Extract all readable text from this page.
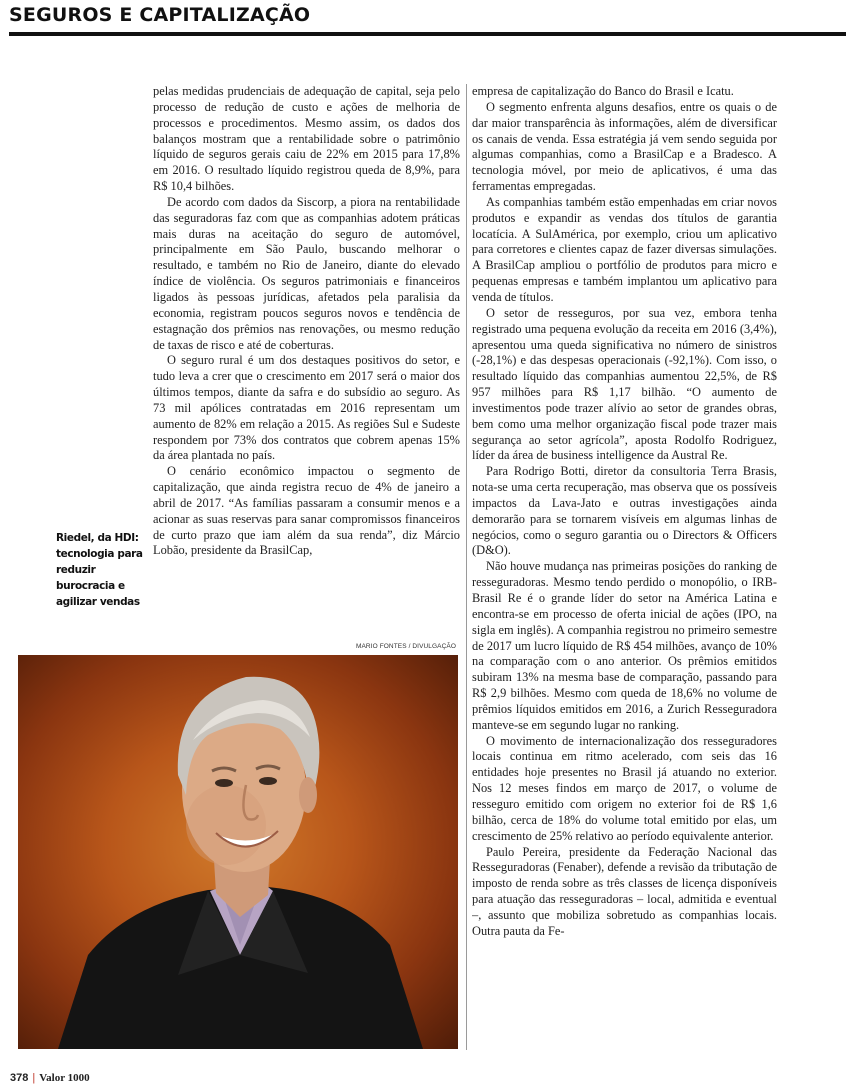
SEGUROS E CAPITALIZAÇÃO

pelas medidas prudenciais de adequação de capital, seja pelo processo de redução de custo e ações de melhoria de processos e procedimentos. Mesmo assim, os dados dos balanços mostram que a rentabilidade sobre o patrimônio líquido de seguros gerais caiu de 22% em 2015 para 17,8% em 2016. O resultado líquido registrou queda de 8,9%, para R$ 10,4 bilhões.

De acordo com dados da Siscorp, a piora na rentabilidade das seguradoras faz com que as companhias adotem práticas mais duras na aceitação do seguro de automóvel, principalmente em São Paulo, buscando melhorar o resultado, e também no Rio de Janeiro, diante do elevado índice de violência. Os seguros patrimoniais e financeiros ligados às pessoas jurídicas, afetados pela paralisia da economia, registram poucos seguros novos e tendência de estagnação dos prêmios nas renovações, ou mesmo redução de taxas de risco e até de coberturas.

O seguro rural é um dos destaques positivos do setor, e tudo leva a crer que o crescimento em 2017 será o maior dos últimos tempos, diante da safra e do subsídio ao seguro. As 73 mil apólices contratadas em 2016 representam um aumento de 82% em relação a 2015. As regiões Sul e Sudeste respondem por 73% dos contratos que cobrem apenas 15% da área plantada no país.

O cenário econômico impactou o segmento de capitalização, que ainda registra recuo de 4% de janeiro a abril de 2017. “As famílias passaram a consumir menos e a acionar as suas reservas para sanar compromissos financeiros de curto prazo que iam além da sua renda”, diz Márcio Lobão, presidente da BrasilCap,

empresa de capitalização do Banco do Brasil e Icatu.

O segmento enfrenta alguns desafios, entre os quais o de dar maior transparência às informações, além de diversificar os canais de venda. Essa estratégia já vem sendo seguida por algumas companhias, como a BrasilCap e a Bradesco. A tecnologia móvel, por meio de aplicativos, é uma das ferramentas empregadas.

As companhias também estão empenhadas em criar novos produtos e expandir as vendas dos títulos de garantia locatícia. A SulAmérica, por exemplo, criou um aplicativo para corretores e clientes capaz de fazer diversas simulações. A BrasilCap ampliou o portfólio de produtos para micro e pequenas empresas e também implantou um aplicativo para venda de títulos.

O setor de resseguros, por sua vez, embora tenha registrado uma pequena evolução da receita em 2016 (3,4%), apresentou uma queda significativa no número de sinistros (-28,1%) e das despesas operacionais (-92,1%). Com isso, o resultado líquido das companhias aumentou 22,5%, de R$ 957 milhões para R$ 1,17 bilhão. “O aumento de investimentos pode trazer alívio ao setor de grandes obras, bem como uma melhor organização fiscal pode trazer mais segurança ao setor agrícola”, aposta Rodolfo Rodriguez, líder da área de business intelligence da Austral Re.

Para Rodrigo Botti, diretor da consultoria Terra Brasis, nota-se uma certa recuperação, mas observa que os possíveis impactos da Lava-Jato e outras investigações ainda demorarão para se tornarem visíveis em algumas linhas de negócios, como o seguro garantia ou o Directors & Officers (D&O).

Não houve mudança nas primeiras posições do ranking de resseguradoras. Mesmo tendo perdido o monopólio, o IRB-Brasil Re é o grande líder do setor na América Latina e encontra-se em processo de oferta inicial de ações (IPO, na sigla em inglês). A companhia registrou no primeiro semestre de 2017 um lucro líquido de R$ 454 milhões, avanço de 10% na comparação com o ano anterior. Os prêmios emitidos subiram 13% na mesma base de comparação, passando para R$ 2,9 bilhões. Mesmo com queda de 18,6% no volume de prêmios líquidos emitidos em 2016, a Zurich Resseguradora manteve-se em segundo lugar no ranking.

O movimento de internacionalização dos resseguradores locais continua em ritmo acelerado, com seis das 16 entidades hoje presentes no Brasil já atuando no exterior. Nos 12 meses findos em março de 2017, o volume de resseguro emitido com origem no exterior foi de R$ 1,6 bilhão, cerca de 18% do volume total emitido por elas, um crescimento de 25% relativo ao período equivalente anterior.

Paulo Pereira, presidente da Federação Nacional das Resseguradoras (Fenaber), defende a revisão da tributação de imposto de renda sobre as três classes de licença disponíveis para atuação das resseguradoras – local, admitida e eventual –, assunto que mobiliza sobretudo as companhias locais. Outra pauta da Fe-

Riedel, da HDI: tecnologia para reduzir burocracia e agilizar vendas
MARIO FONTES / DIVULGAÇÃO
378 | Valor 1000
